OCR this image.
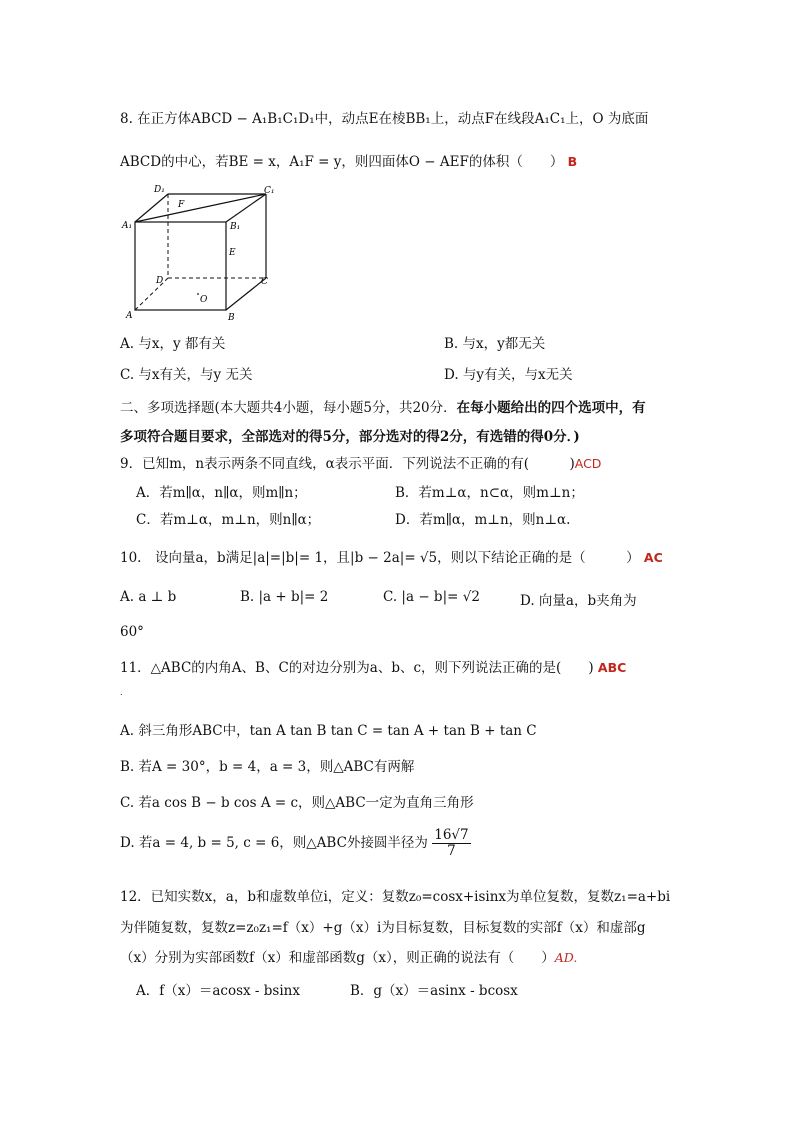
8. 在正方体ABCD − A₁B₁C₁D₁中，动点E在棱BB₁上，动点F在线段A₁C₁上，O 为底面
ABCD的中心，若BE = x，A₁F = y，则四面体O − AEF的体积（　　） B
D₁	C₁
A₁	B₁
F
E
D	C
A	B
O
A. 与x，y 都有关	B. 与x，y都无关
C. 与x有关，与y 无关	D. 与y有关，与x无关
二、多项选择题(本大题共4小题，每小题5分，共20分．在每小题给出的四个选项中，有
多项符合题目要求，全部选对的得5分，部分选对的得2分，有选错的得0分．)
9．已知m，n表示两条不同直线，α表示平面．下列说法不正确的有(　　　)ACD
A．若m∥α，n∥α，则m∥n；	B．若m⊥α，n⊂α，则m⊥n；
C．若m⊥α，m⊥n，则n∥α；	D．若m∥α，m⊥n，则n⊥α.
10.　设向量a，b满足|a|=|b|= 1，且|b − 2a|= √5，则以下结论正确的是（　　　） AC
A. a ⊥ b	B. |a + b|= 2	C. |a − b|= √2	D. 向量a，b夹角为
60°
11．△ABC的内角A、B、C的对边分别为a、b、c，则下列说法正确的是(　　) ABC
.
A. 斜三角形ABC中，tan A tan B tan C = tan A + tan B + tan C
B. 若A = 30°，b = 4，a = 3，则△ABC有两解
C. 若a cos B − b cos A = c，则△ABC一定为直角三角形
D. 若a = 4, b = 5, c = 6，则△ABC外接圆半径为 $\frac{16√7}{7}$
12．已知实数x，a，b和虚数单位i，定义：复数z₀=cosx+isinx为单位复数，复数z₁=a+bi
为伴随复数，复数z=z₀z₁=f（x）+g（x）i为目标复数，目标复数的实部f（x）和虚部g
（x）分别为实部函数f（x）和虚部函数g（x），则正确的说法有（　　）AD.
A．f（x）＝acosx - bsinx	B．g（x）＝asinx - bcosx
